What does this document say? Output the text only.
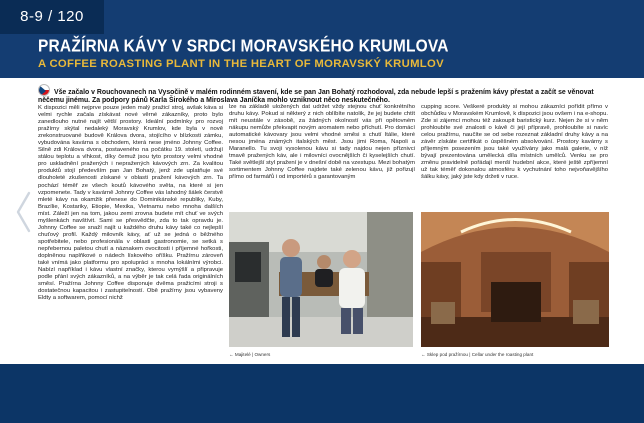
8-9 / 120
PRAŽÍRNA KÁVY V SRDCI MORAVSKÉHO KRUMLOVA
A COFFEE ROASTING PLANT IN THE HEART OF MORAVSKÝ KRUMLOV
Vše začalo v Rouchovanech na Vysočině v malém rodinném stavení, kde se pan Jan Bohatý rozhodoval, zda nebude lepší s pražením kávy přestat a začít se věnovat něčemu jinému. Za podpory pánů Karla Širokého a Miroslava Janíčka mohlo vzniknout něco neskutečného.
K dispozici měli nejprve pouze jeden malý pražicí stroj, avšak káva si velmi rychle začala získávat nové věrné zákazníky, proto bylo zanedlouho nutné najít větší prostory. Ideální podmínky pro rozvoj pražírny skýtal nedaleký Moravský Krumlov, kde byla v nově zrekonstruované budově Králova dvora, stojícího v blízkosti zámku, vybudována kavárna s obchodem, která nese jméno Johnny Coffee. Silně zdi Králova dvora, postaveného na počátku 19. století, udržují stálou teplotu a vlhkost, díky čemuž jsou tyto prostory velmi vhodné pro uskladnění pražených i nepražených kávových zrn. Za kvalitou produktů stojí především pan Jan Bohatý, jenž zde uplatňuje své dlouholeté zkušenosti získané v oblasti pražení kávových zrn. Ta pochází téměř ze všech koutů kávového světa, na které si jen vzpomenete. Tady v kavárně Johnny Coffee vás lahodný šálek čerstvě mleté kávy na okamžik přenese do Dominikánské republiky, Kuby, Brazílie, Kostariky, Etiopie, Mexika, Vietnamu nebo mnoha dalších míst. Záleží jen na tom, jakou zemi zrovna budete mít chuť ve svých myšlenkách navštívit. Sami se přesvědčte, zda to tak opravdu je. Johnny Coffee se snaží najít u každého druhu kávy také co nejlepší chuťový profil. Každý milovník kávy, ať už se jedná o běžného spotřebitele, nebo profesionála v oblasti gastronomie, se setká s nepřebernou paletou chutí a náznakem ovocitosti i příjemné hořkosti, doplněnou naplňkové o nádech lískového oříšku. Pražírnu zároveň také vnímá jako platformu pro spolupráci s mnoha lokálními výrobci. Nabízí například i kávu vlastní značky, kterou vymýšlí a připravuje podle přání svých zákazníků, a na výběr je tak celá řada originálních směsí. Pražírna Johnny Coffee disponuje dvěma pražicími stroji s dostatečnou kapacitou i zastupitelností. Obě pražírny jsou vybaveny Eldty a softwarem, pomocí nichž
lze na základě uložených dat udržet vždy stejnou chuť konkrétního druhu kávy. Pokud si některý z nich oblíbíte natolik, že jej budete chtít mít neustále v zásobě, za žádných okolností vás při opětovném nákupu nemůže překvapit novým aromatem nebo příchutí. Pro domácí automatické kávovary jsou velmi vhodné směsi s chutí Itálie, které nesou jména známých italských měst. Jsou jimi Roma, Napoli a Maranello. Tu svoji vysolenou kávu si tady najdou nejen příznivci tmavě pražených káv, ale i milovníci ovocnějších či kyselejších chutí. Také světlejší styl pražení je v dnešní době na vzestupu. Mezi bohatým sortimentem Johnny Coffee najdete také zelenou kávu, již pořizují přímo od farmářů i od importérů s garantovaným
cupping score. Veškeré produkty si mohou zákazníci pořídit přímo v obchůdku v Moravském Krumlově, k dispozici jsou ovšem i na e-shopu. Zde si zájemci mohou též zakoupit baristický kurz. Nejen že si v něm prohloubíte své znalosti o kávě či její přípravě, prohloubíte si navíc celou pražírnu, naučíte se od sebe rozeznat základní druhy kávy a na závěr získáte certifikát o úspěšném absolvování. Prostory kavárny s příjemným posezením jsou také využívány jako malá galerie, v níž bývají prezentována umělecká díla místních umělců. Venku se pro změnu pravidelně pořádají menší hudební akce, které ještě zpříjemní už tak téměř dokonalou atmosféru k vychutnání toho nejvoňavějšího šálku kávy, jaký jste kdy držeti v ruce.
← Majitelé | Owners	← Sklep pod pražírnou | Cellar under the roasting plant
